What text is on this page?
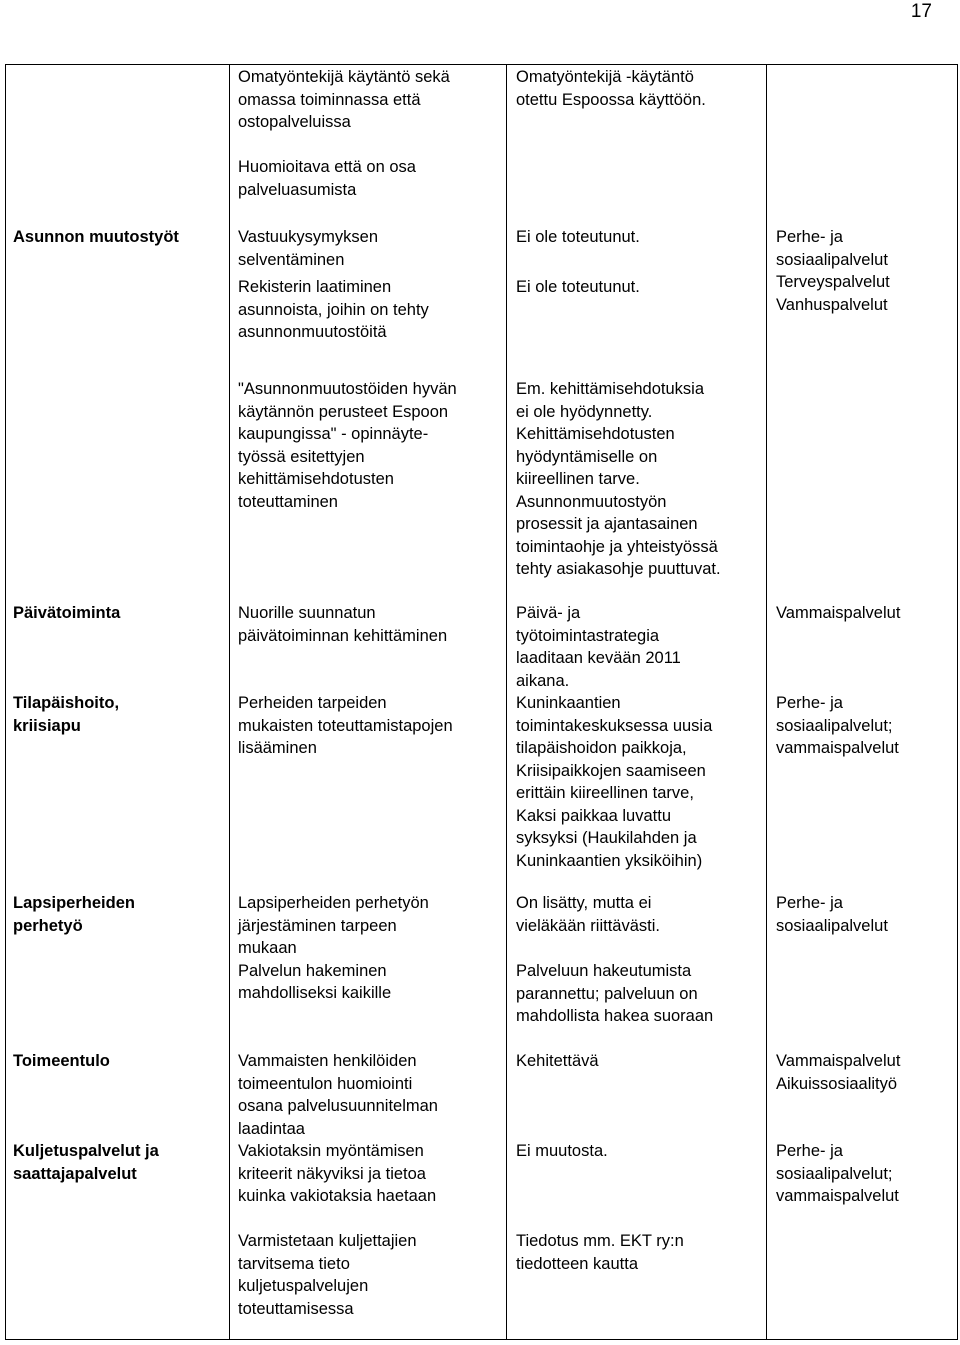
17
Asunnon muutostyöt
Päivätoiminta
Tilapäishoito,
kriisiapu
Lapsiperheiden
perhetyö
Toimeentulo
Kuljetuspalvelut ja
saattajapalvelut
Omatyöntekijä käytäntö sekä
omassa toiminnassa että
ostopalveluissa
Huomioitava että on osa
palveluasumista
Vastuukysymyksen
selventäminen
Rekisterin laatiminen
asunnoista, joihin on tehty
asunnonmuutostöitä
"Asunnonmuutostöiden hyvän
käytännön perusteet Espoon
kaupungissa" - opinnäyte-
työssä esitettyjen
kehittämisehdotusten
toteuttaminen
Nuorille suunnatun
päivätoiminnan kehittäminen
Perheiden tarpeiden
mukaisten toteuttamistapojen
lisääminen
Lapsiperheiden perhetyön
järjestäminen tarpeen
mukaan
Palvelun hakeminen
mahdolliseksi kaikille
Vammaisten henkilöiden
toimeentulon huomiointi
osana palvelusuunnitelman
laadintaa
Vakiotaksin myöntämisen
kriteerit näkyviksi ja tietoa
kuinka vakiotaksia haetaan
Varmistetaan kuljettajien
tarvitsema tieto
kuljetuspalvelujen
toteuttamisessa
Omatyöntekijä -käytäntö
otettu Espoossa käyttöön.
Ei ole toteutunut.
Ei ole toteutunut.
Em. kehittämisehdotuksia
ei ole hyödynnetty.
Kehittämisehdotusten
hyödyntämiselle on
kiireellinen tarve.
Asunnonmuutostyön
prosessit ja ajantasainen
toimintaohje ja yhteistyössä
tehty asiakasohje puuttuvat.
Päivä- ja
työtoimintastrategia
laaditaan kevään 2011
aikana.
Kuninkaantien
toimintakeskuksessa uusia
tilapäishoidon paikkoja,
Kriisipaikkojen saamiseen
erittäin kiireellinen tarve,
Kaksi paikkaa luvattu
syksyksi (Haukilahden ja
Kuninkaantien yksiköihin)
On lisätty, mutta ei
vieläkään riittävästi.
Palveluun hakeutumista
parannettu; palveluun on
mahdollista hakea suoraan
Kehitettävä
Ei muutosta.
Tiedotus mm. EKT ry:n
tiedotteen kautta
Perhe- ja
sosiaalipalvelut
Terveyspalvelut
Vanhuspalvelut
Vammaispalvelut
Perhe- ja
sosiaalipalvelut;
vammaispalvelut
Perhe- ja
sosiaalipalvelut
Vammaispalvelut
Aikuissosiaalityö
Perhe- ja
sosiaalipalvelut;
vammaispalvelut
